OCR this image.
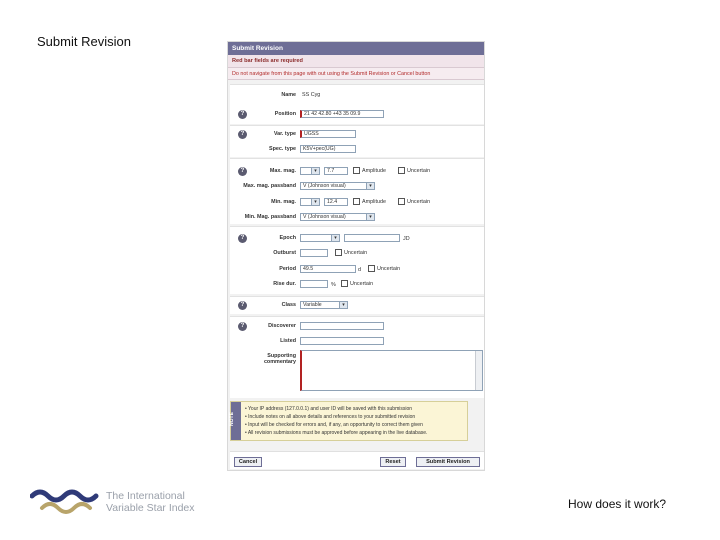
Submit Revision	Submit Revision
Red bar fields are required
Do not navigate from this page with out using the Submit Revision or Cancel button
Name SS Cyg
?	Position	21 42 42.80 +43 35 09.9
?	Var. type	UGSS
Spec. type	K5V+pec(UG)
?	Max. mag.	▾	7.7	Amplitude	Uncertain
Max. mag. passband	V (Johnson visual)	▾
Min. mag.	▾	12.4	Amplitude	Uncertain
Min. Mag. passband	V (Johnson visual)	▾
?	Epoch	▾	JD
Outburst	Uncertain
Period	49.5	d	Uncertain
Rise dur.	%	Uncertain
?	Class	Variable	▾
?	Discoverer
Listed
Supporting
commentary
NOTE
• Your IP address (127.0.0.1) and user ID will be saved with this submission
• Include notes on all above details and references to your submitted revision
• Input will be checked for errors and, if any, an opportunity to correct them given
• All revision submissions must be approved before appearing in the live database.
Cancel	Reset	Submit Revision
The International
Variable Star Index	How does it work?
